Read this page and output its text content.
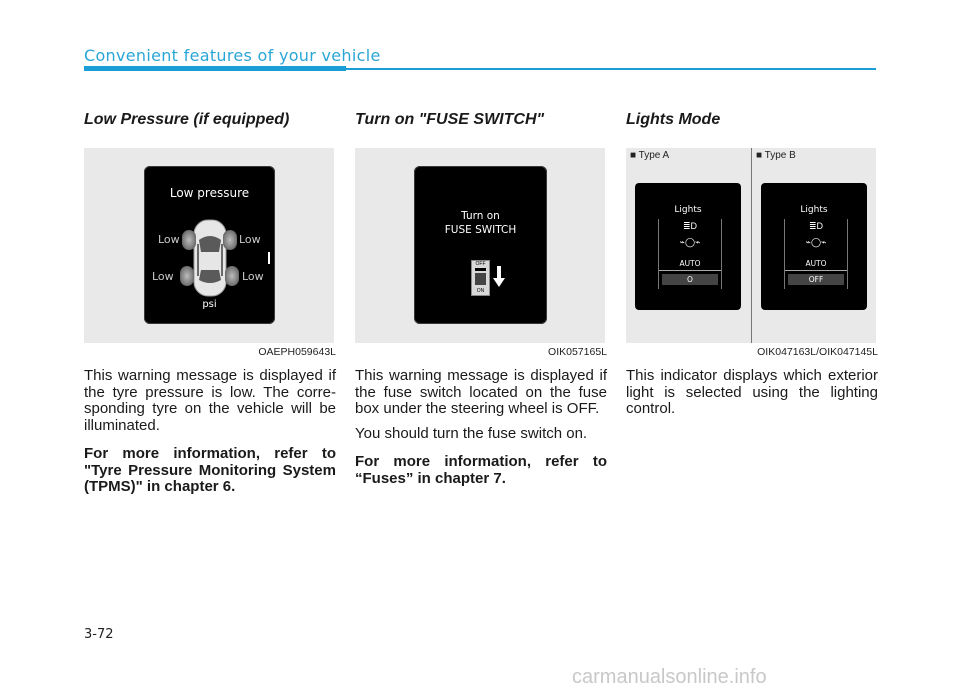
Convenient features of your vehicle
Low Pressure (if equipped)
Low pressure
Low	Low
Low	Low
psi
OAEPH059643L

This warning message is displayed if the tyre pressure is low. The corre- sponding tyre on the vehicle will be illuminated.

For more information, refer to "Tyre Pressure Monitoring System (TPMS)" in chapter 6.

Turn on "FUSE SWITCH"
Turn on
FUSE SWITCH
OFF
ON
OIK057165L

This warning message is displayed if the fuse switch located on the fuse box under the steering wheel is OFF.

You should turn the fuse switch on.

For more information, refer to “Fuses” in chapter 7.

Lights Mode
■ Type A	■ Type B
Lights
≣D
⌁◯⌁
AUTO
O
Lights
≣D
⌁◯⌁
AUTO
OFF
OIK047163L/OIK047145L

This indicator displays which exterior light is selected using the lighting control.

3-72
carmanualsonline.info
